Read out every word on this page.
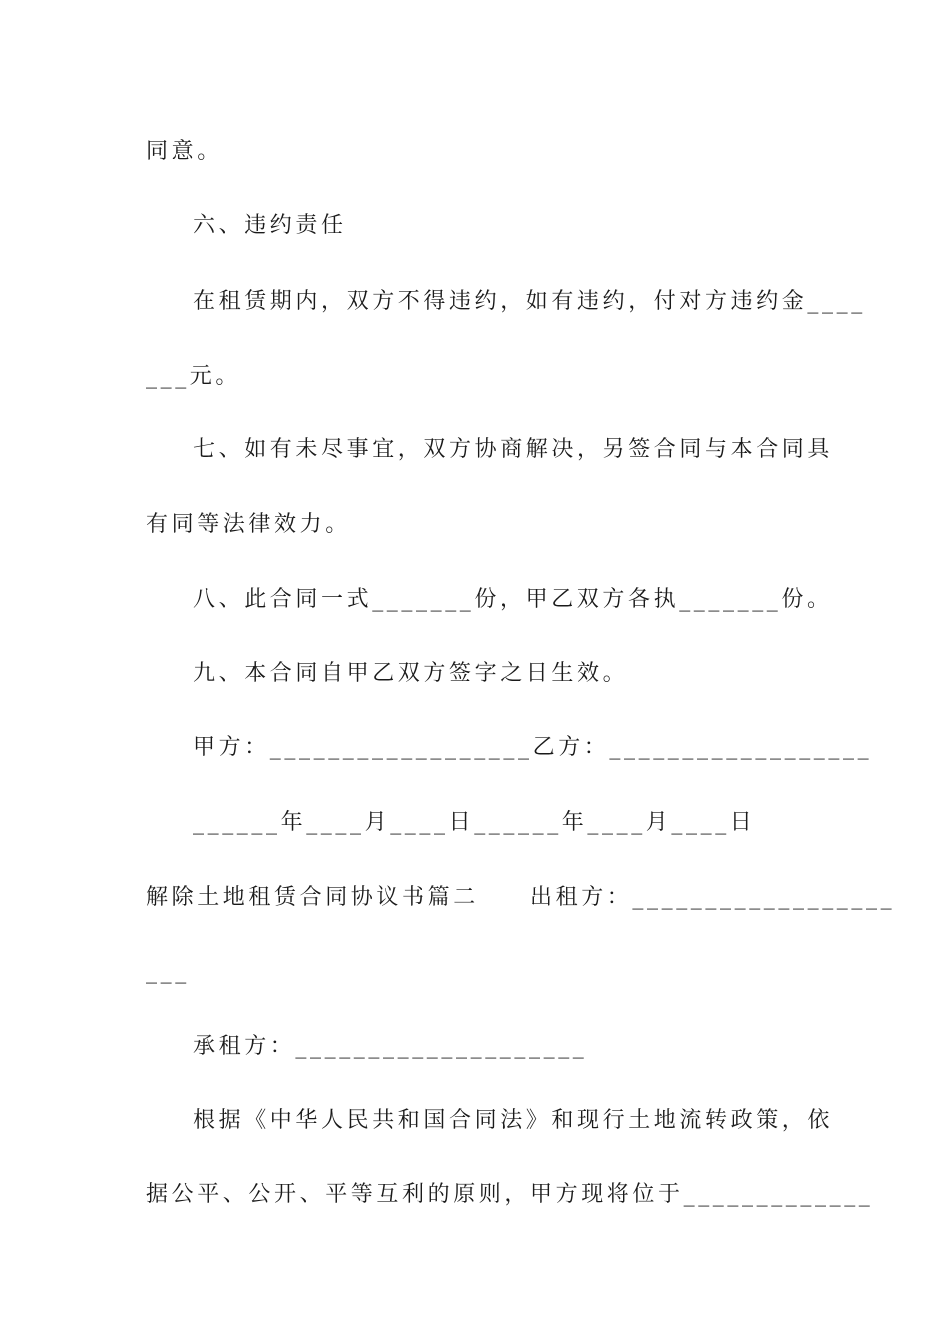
同意。
六、违约责任
在租赁期内，双方不得违约，如有违约，付对方违约金____
___元。
七、如有未尽事宜，双方协商解决，另签合同与本合同具
有同等法律效力。
八、此合同一式_______份，甲乙双方各执_______份。
九、本合同自甲乙双方签字之日生效。
甲方：__________________乙方：__________________
______年____月____日______年____月____日
解除土地租赁合同协议书篇二　　出租方：__________________
___
承租方：____________________
根据《中华人民共和国合同法》和现行土地流转政策，依
据公平、公开、平等互利的原则，甲方现将位于_____________
